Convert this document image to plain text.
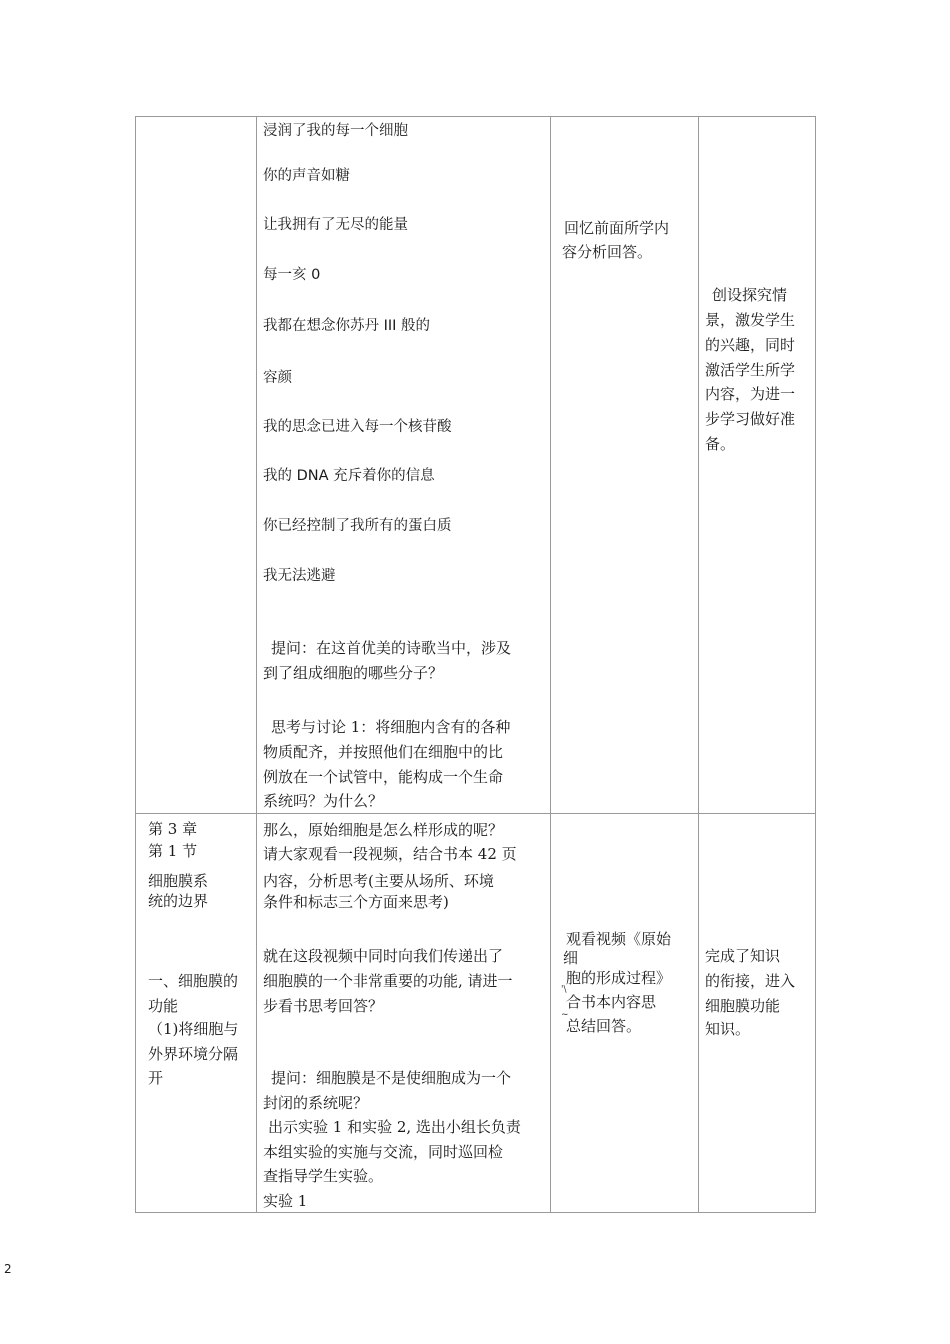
浸润了我的每一个细胞
你的声音如糖
让我拥有了无尽的能量
每一亥 0
我都在想念你苏丹 III 般的
容颜
我的思念已进入每一个核苷酸
我的 DNA 充斥着你的信息
你已经控制了我所有的蛋白质
我无法逃避
提问：在这首优美的诗歌当中，涉及
到了组成细胞的哪些分子？
思考与讨论 1：将细胞内含有的各种
物质配齐，并按照他们在细胞中的比
例放在一个试管中，能构成一个生命
系统吗？为什么？
回忆前面所学内
容分析回答。
创设探究情
景，激发学生
的兴趣，同时
激活学生所学
内容，为进一
步学习做好准
备。
第 3 章
第 1 节
细胞膜系
统的边界
一、细胞膜的
功能
（1)将细胞与
外界环境分隔
开
那么，原始细胞是怎么样形成的呢？
请大家观看一段视频，结合书本 42 页
内容，分析思考(主要从场所、环境
条件和标志三个方面来思考)
就在这段视频中同时向我们传递出了
细胞膜的一个非常重要的功能, 请进一
步看书思考回答？
提问：细胞膜是不是使细胞成为一个
封闭的系统呢？
出示实验 1 和实验 2, 选出小组长负责
本组实验的实施与交流，同时巡回检
查指导学生实验。
实验 1
观看视频《原始
细
胞的形成过程》
'\
合书本内容思
~
总结回答。
完成了知识
的衔接，进入
细胞膜功能
知识。
2
